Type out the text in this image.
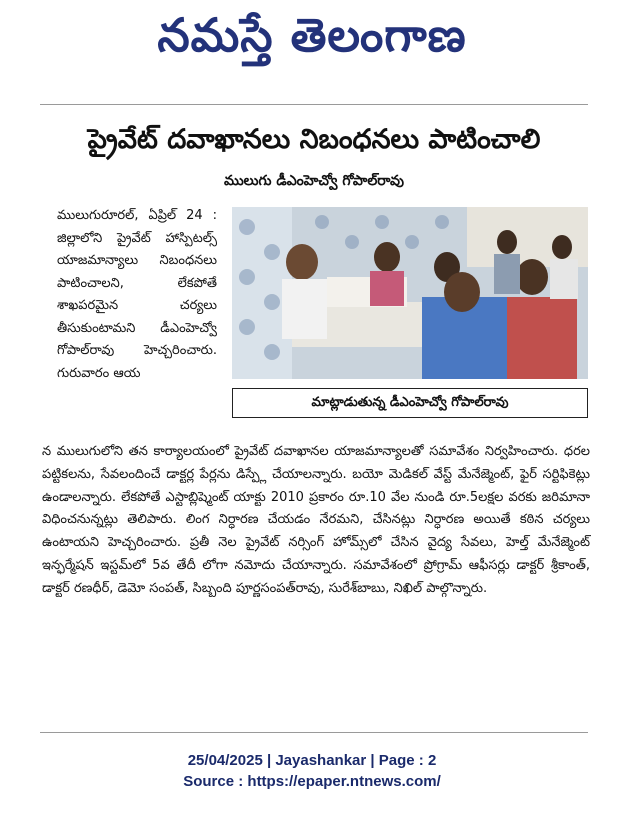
నమస్తే తెలంగాణ
ప్రైవేట్ దవాఖానలు నిబంధనలు పాటించాలి
ములుగు డీఎంహెచ్వో గోపాల్‌రావు

ములుగురూరల్, ఏప్రిల్ 24 : జిల్లాలోని ప్రైవేట్ హాస్పిటల్స్ యాజమాన్యాలు నిబంధనలు పాటించాలని, లేకపోతే శాఖపరమైన చర్యలు తీసుకుంటామని డీఎంహెచ్వో గోపాల్‌రావు హెచ్చరించారు. గురువారం ఆయ

మాట్లాడుతున్న డీఎంహెచ్వో గోపాల్‌రావు

న ములుగులోని తన కార్యాలయంలో ప్రైవేట్ దవాఖానల యాజమాన్యాలతో సమావేశం నిర్వహించారు. ధరల పట్టికలను, సేవలందించే డాక్టర్ల పేర్లను డిస్ప్లే చేయాలన్నారు. బయో మెడికల్ వేస్ట్ మేనేజ్మెంట్, ఫైర్ సర్టిఫికెట్లు ఉండాలన్నారు. లేకపోతే ఎస్టాబ్లిష్మెంట్ యాక్టు 2010 ప్రకారం రూ.10 వేల నుండి రూ.5లక్షల వరకు జరిమానా విధించనున్నట్లు తెలిపారు. లింగ నిర్ధారణ చేయడం నేరమని, చేసినట్లు నిర్ధారణ అయితే కఠిన చర్యలు ఉంటాయని హెచ్చరించారు. ప్రతీ నెల ప్రైవేట్ నర్సింగ్ హోమ్స్‌లో చేసిన వైద్య సేవలు, హెల్త్ మేనేజ్మెంట్ ఇన్ఫర్మేషన్ ఇస్టమ్‌లో 5వ తేదీ లోగా నమోదు చేయాన్నారు. సమావేశంలో ప్రోగ్రామ్ ఆఫీసర్లు డాక్టర్ శ్రీకాంత్, డాక్టర్ రణధీర్, డెమో సంపత్, సిబ్బంది పూర్ణసంపత్‌రావు, సురేశ్‌బాబు, నిఖిల్ పాల్గొన్నారు.

25/04/2025 | Jayashankar | Page : 2
Source : https://epaper.ntnews.com/
